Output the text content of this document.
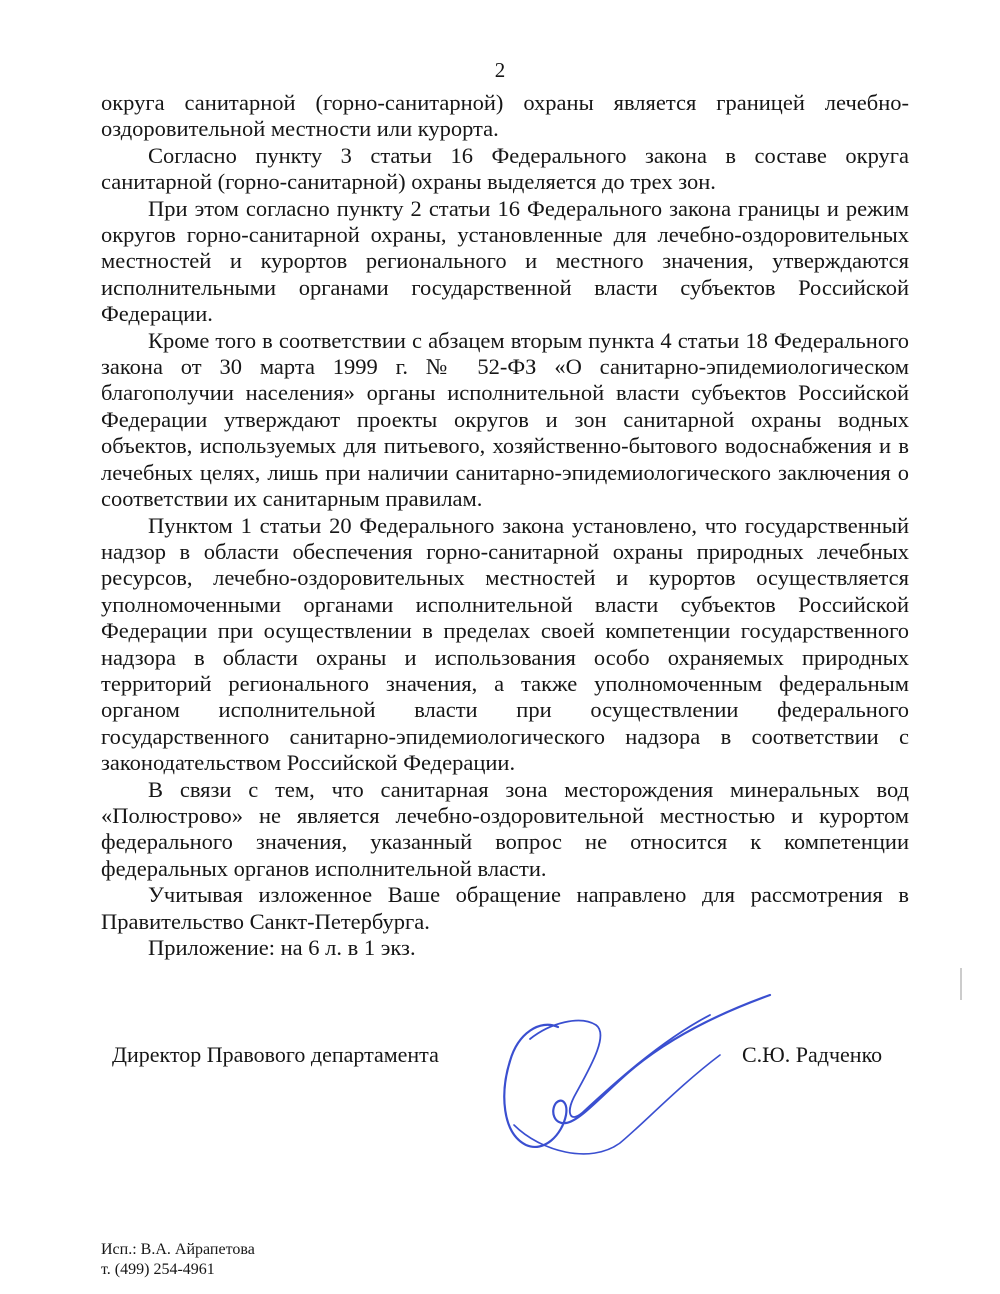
2

округа санитарной (горно-санитарной) охраны является границей лечебно-оздоровительной местности или курорта.

Согласно пункту 3 статьи 16 Федерального закона в составе округа санитарной (горно-санитарной) охраны выделяется до трех зон.

При этом согласно пункту 2 статьи 16 Федерального закона границы и режим округов горно-санитарной охраны, установленные для лечебно-оздоровительных местностей и курортов регионального и местного значения, утверждаются исполнительными органами государственной власти субъектов Российской Федерации.

Кроме того в соответствии с абзацем вторым пункта 4 статьи 18 Федерального закона от 30 марта 1999 г. № 52-ФЗ «О санитарно-эпидемиологическом благополучии населения» органы исполнительной власти субъектов Российской Федерации утверждают проекты округов и зон санитарной охраны водных объектов, используемых для питьевого, хозяйственно-бытового водоснабжения и в лечебных целях, лишь при наличии санитарно-эпидемиологического заключения о соответствии их санитарным правилам.

Пунктом 1 статьи 20 Федерального закона установлено, что государственный надзор в области обеспечения горно-санитарной охраны природных лечебных ресурсов, лечебно-оздоровительных местностей и курортов осуществляется уполномоченными органами исполнительной власти субъектов Российской Федерации при осуществлении в пределах своей компетенции государственного надзора в области охраны и использования особо охраняемых природных территорий регионального значения, а также уполномоченным федеральным органом исполнительной власти при осуществлении федерального государственного санитарно-эпидемиологического надзора в соответствии с законодательством Российской Федерации.

В связи с тем, что санитарная зона месторождения минеральных вод «Полюстрово» не является лечебно-оздоровительной местностью и курортом федерального значения, указанный вопрос не относится к компетенции федеральных органов исполнительной власти.

Учитывая изложенное Ваше обращение направлено для рассмотрения в Правительство Санкт-Петербурга.

Приложение: на 6 л. в 1 экз.

Директор Правового департамента	С.Ю. Радченко
Исп.: В.А. Айрапетова
т. (499) 254-4961
